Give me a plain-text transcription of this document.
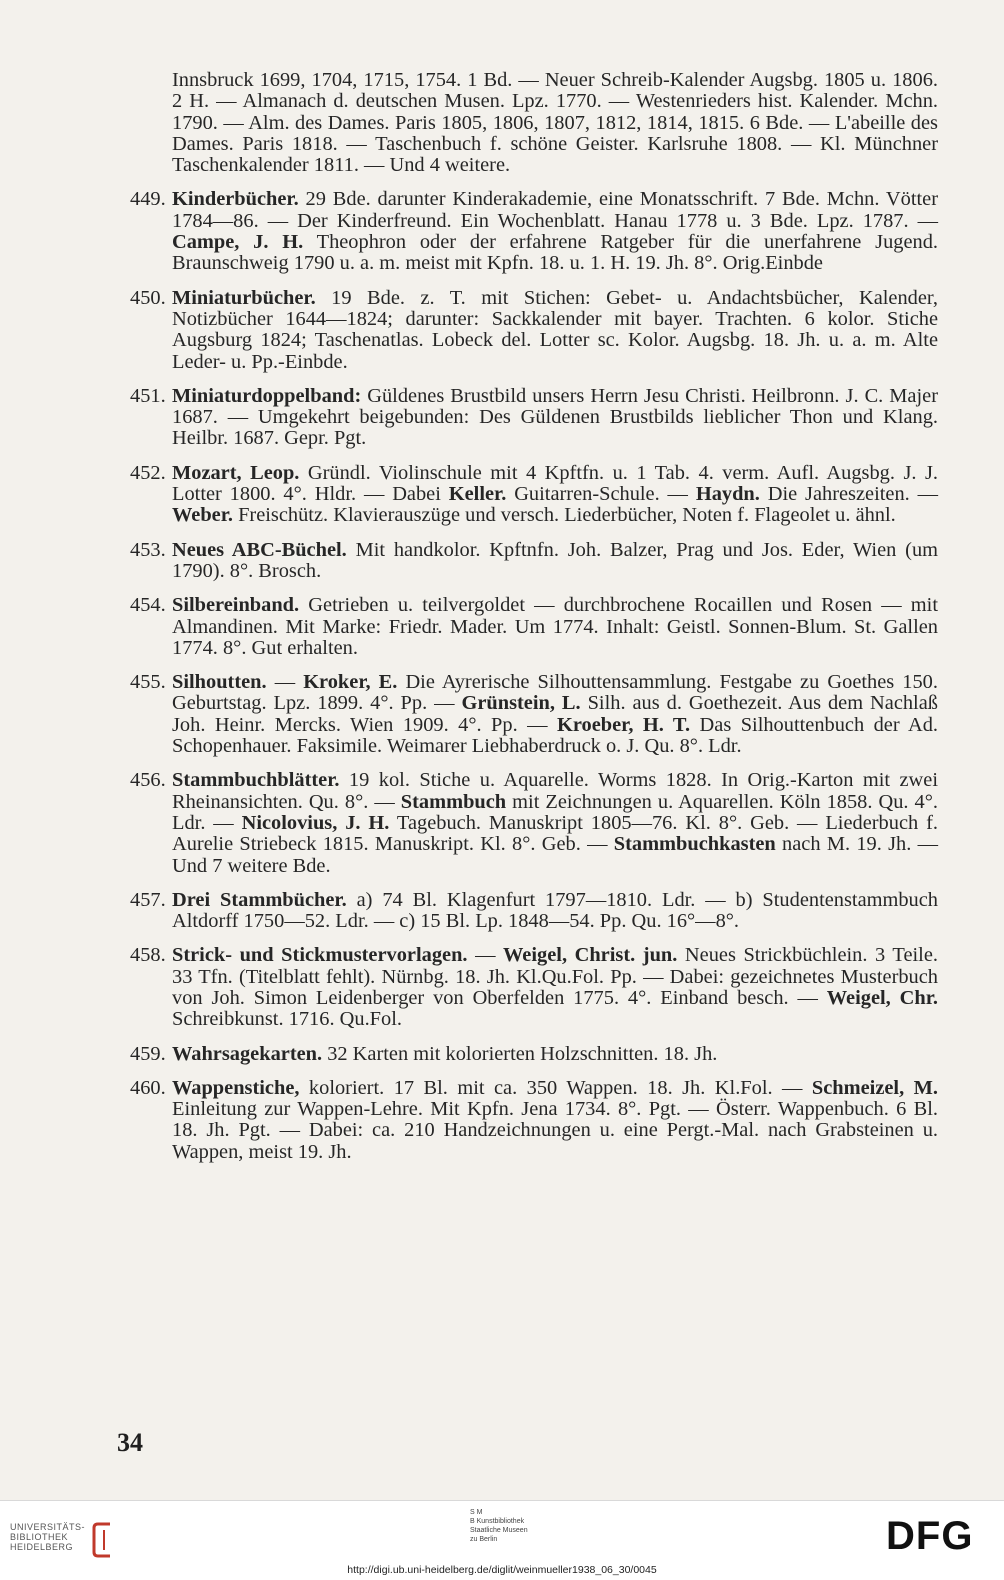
Innsbruck 1699, 1704, 1715, 1754. 1 Bd. — Neuer Schreib-Kalender Augsbg. 1805 u. 1806. 2 H. — Almanach d. deutschen Musen. Lpz. 1770. — Westenrieders hist. Kalender. Mchn. 1790. — Alm. des Dames. Paris 1805, 1806, 1807, 1812, 1814, 1815. 6 Bde. — L'abeille des Dames. Paris 1818. — Taschenbuch f. schöne Geister. Karlsruhe 1808. — Kl. Münchner Taschenkalender 1811. — Und 4 weitere.
449. Kinderbücher. 29 Bde. darunter Kinderakademie, eine Monatsschrift. 7 Bde. Mchn. Vötter 1784—86. — Der Kinderfreund. Ein Wochenblatt. Hanau 1778 u. 3 Bde. Lpz. 1787. — Campe, J. H. Theophron oder der erfahrene Ratgeber für die unerfahrene Jugend. Braunschweig 1790 u. a. m. meist mit Kpfn. 18. u. 1. H. 19. Jh. 8°. Orig.Einbde
450. Miniaturbücher. 19 Bde. z. T. mit Stichen: Gebet- u. Andachtsbücher, Kalender, Notizbücher 1644—1824; darunter: Sackkalender mit bayer. Trachten. 6 kolor. Stiche Augsburg 1824; Taschenatlas. Lobeck del. Lotter sc. Kolor. Augsbg. 18. Jh. u. a. m. Alte Leder- u. Pp.-Einbde.
451. Miniaturdoppelband: Güldenes Brustbild unsers Herrn Jesu Christi. Heilbronn. J. C. Majer 1687. — Umgekehrt beigebunden: Des Güldenen Brustbilds lieblicher Thon und Klang. Heilbr. 1687. Gepr. Pgt.
452. Mozart, Leop. Gründl. Violinschule mit 4 Kpftfn. u. 1 Tab. 4. verm. Aufl. Augsbg. J. J. Lotter 1800. 4°. Hldr. — Dabei Keller. Guitarren-Schule. — Haydn. Die Jahreszeiten. — Weber. Freischütz. Klavierauszüge und versch. Liederbücher, Noten f. Flageolet u. ähnl.
453. Neues ABC-Büchel. Mit handkolor. Kpftnfn. Joh. Balzer, Prag und Jos. Eder, Wien (um 1790). 8°. Brosch.
454. Silbereinband. Getrieben u. teilvergoldet — durchbrochene Rocaillen und Rosen — mit Almandinen. Mit Marke: Friedr. Mader. Um 1774. Inhalt: Geistl. Sonnen-Blum. St. Gallen 1774. 8°. Gut erhalten.
455. Silhoutten. — Kroker, E. Die Ayrerische Silhouttensammlung. Festgabe zu Goethes 150. Geburtstag. Lpz. 1899. 4°. Pp. — Grünstein, L. Silh. aus d. Goethezeit. Aus dem Nachlaß Joh. Heinr. Mercks. Wien 1909. 4°. Pp. — Kroeber, H. T. Das Silhouttenbuch der Ad. Schopenhauer. Faksimile. Weimarer Liebhaberdruck o. J. Qu. 8°. Ldr.
456. Stammbuchblätter. 19 kol. Stiche u. Aquarelle. Worms 1828. In Orig.-Karton mit zwei Rheinansichten. Qu. 8°. — Stammbuch mit Zeichnungen u. Aquarellen. Köln 1858. Qu. 4°. Ldr. — Nicolovius, J. H. Tagebuch. Manuskript 1805—76. Kl. 8°. Geb. — Liederbuch f. Aurelie Striebeck 1815. Manuskript. Kl. 8°. Geb. — Stammbuchkasten nach M. 19. Jh. — Und 7 weitere Bde.
457. Drei Stammbücher. a) 74 Bl. Klagenfurt 1797—1810. Ldr. — b) Studentenstammbuch Altdorff 1750—52. Ldr. — c) 15 Bl. Lp. 1848—54. Pp. Qu. 16°—8°.
458. Strick- und Stickmustervorlagen. — Weigel, Christ. jun. Neues Strickbüchlein. 3 Teile. 33 Tfn. (Titelblatt fehlt). Nürnbg. 18. Jh. Kl.Qu.Fol. Pp. — Dabei: gezeichnetes Musterbuch von Joh. Simon Leidenberger von Oberfelden 1775. 4°. Einband besch. — Weigel, Chr. Schreibkunst. 1716. Qu.Fol.
459. Wahrsagekarten. 32 Karten mit kolorierten Holzschnitten. 18. Jh.
460. Wappenstiche, koloriert. 17 Bl. mit ca. 350 Wappen. 18. Jh. Kl.Fol. — Schmeizel, M. Einleitung zur Wappen-Lehre. Mit Kpfn. Jena 1734. 8°. Pgt. — Österr. Wappenbuch. 6 Bl. 18. Jh. Pgt. — Dabei: ca. 210 Handzeichnungen u. eine Pergt.-Mal. nach Grabsteinen u. Wappen, meist 19. Jh.
34
UNIVERSITÄTS-
BIBLIOTHEK
HEIDELBERG
S M
B Kunstbibliothek
Staatliche Museen
zu Berlin	DFG
http://digi.ub.uni-heidelberg.de/diglit/weinmueller1938_06_30/0045
